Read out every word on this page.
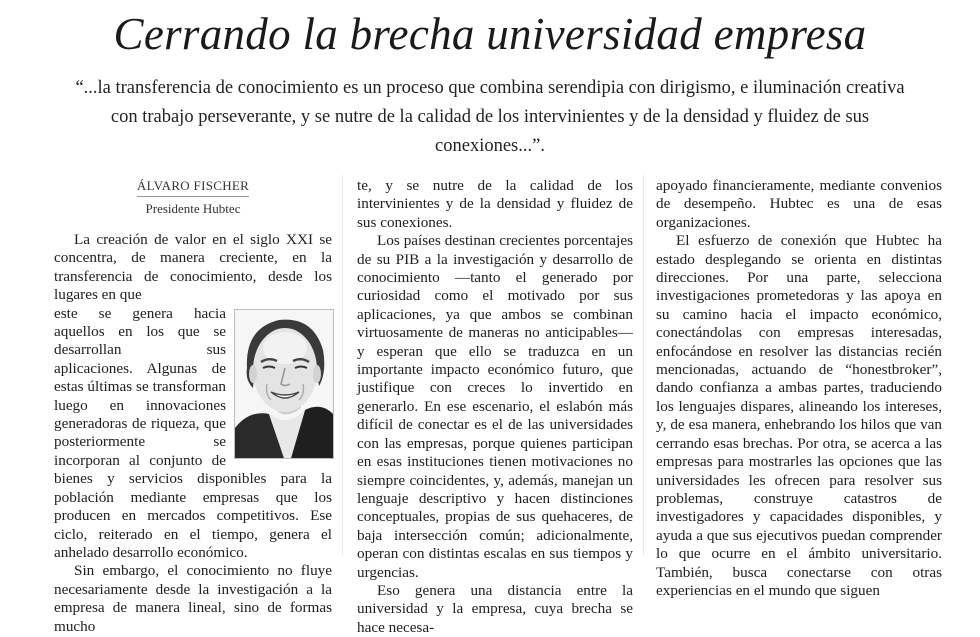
Cerrando la brecha universidad empresa

“...la transferencia de conocimiento es un proceso que combina serendipia con dirigismo, e iluminación creativa con trabajo perseverante, y se nutre de la calidad de los intervinientes y de la densidad y fluidez de sus conexiones...”.

ÁLVARO FISCHER
Presidente Hubtec

La creación de valor en el siglo XXI se concentra, de manera creciente, en la transferencia de conocimiento, desde los lugares en que

este se genera hacia aquellos en los que se desarrollan sus aplicaciones. Algunas de estas últimas se transforman luego en innovaciones generadoras de riqueza, que posteriormente se incorporan al conjunto de bienes y servicios disponibles para la población mediante empresas que los producen en mercados competitivos. Ese ciclo, reiterado en el tiempo, genera el anhelado desarrollo económico.

Sin embargo, el conocimiento no fluye necesariamente desde la investigación a la empresa de manera lineal, sino de formas mucho

te, y se nutre de la calidad de los intervinientes y de la densidad y fluidez de sus conexiones.

Los países destinan crecientes porcentajes de su PIB a la investigación y desarrollo de conocimiento —tanto el generado por curiosidad como el motivado por sus aplicaciones, ya que ambos se combinan virtuosamente de maneras no anticipables— y esperan que ello se traduzca en un importante impacto económico futuro, que justifique con creces lo invertido en generarlo. En ese escenario, el eslabón más difícil de conectar es el de las universidades con las empresas, porque quienes participan en esas instituciones tienen motivaciones no siempre coincidentes, y, además, manejan un lenguaje descriptivo y hacen distinciones conceptuales, propias de sus quehaceres, de baja intersección común; adicionalmente, operan con distintas escalas en sus tiempos y urgencias.

Eso genera una distancia entre la universidad y la empresa, cuya brecha se hace necesa-

apoyado financieramente, mediante convenios de desempeño. Hubtec es una de esas organizaciones.

El esfuerzo de conexión que Hubtec ha estado desplegando se orienta en distintas direcciones. Por una parte, selecciona investigaciones prometedoras y las apoya en su camino hacia el impacto económico, conectándolas con empresas interesadas, enfocándose en resolver las distancias recién mencionadas, actuando de “honestbroker”, dando confianza a ambas partes, traduciendo los lenguajes dispares, alineando los intereses, y, de esa manera, enhebrando los hilos que van cerrando esas brechas. Por otra, se acerca a las empresas para mostrarles las opciones que las universidades les ofrecen para resolver sus problemas, construye catastros de investigadores y capacidades disponibles, y ayuda a que sus ejecutivos puedan comprender lo que ocurre en el ámbito universitario. También, busca conectarse con otras experiencias en el mundo que siguen
